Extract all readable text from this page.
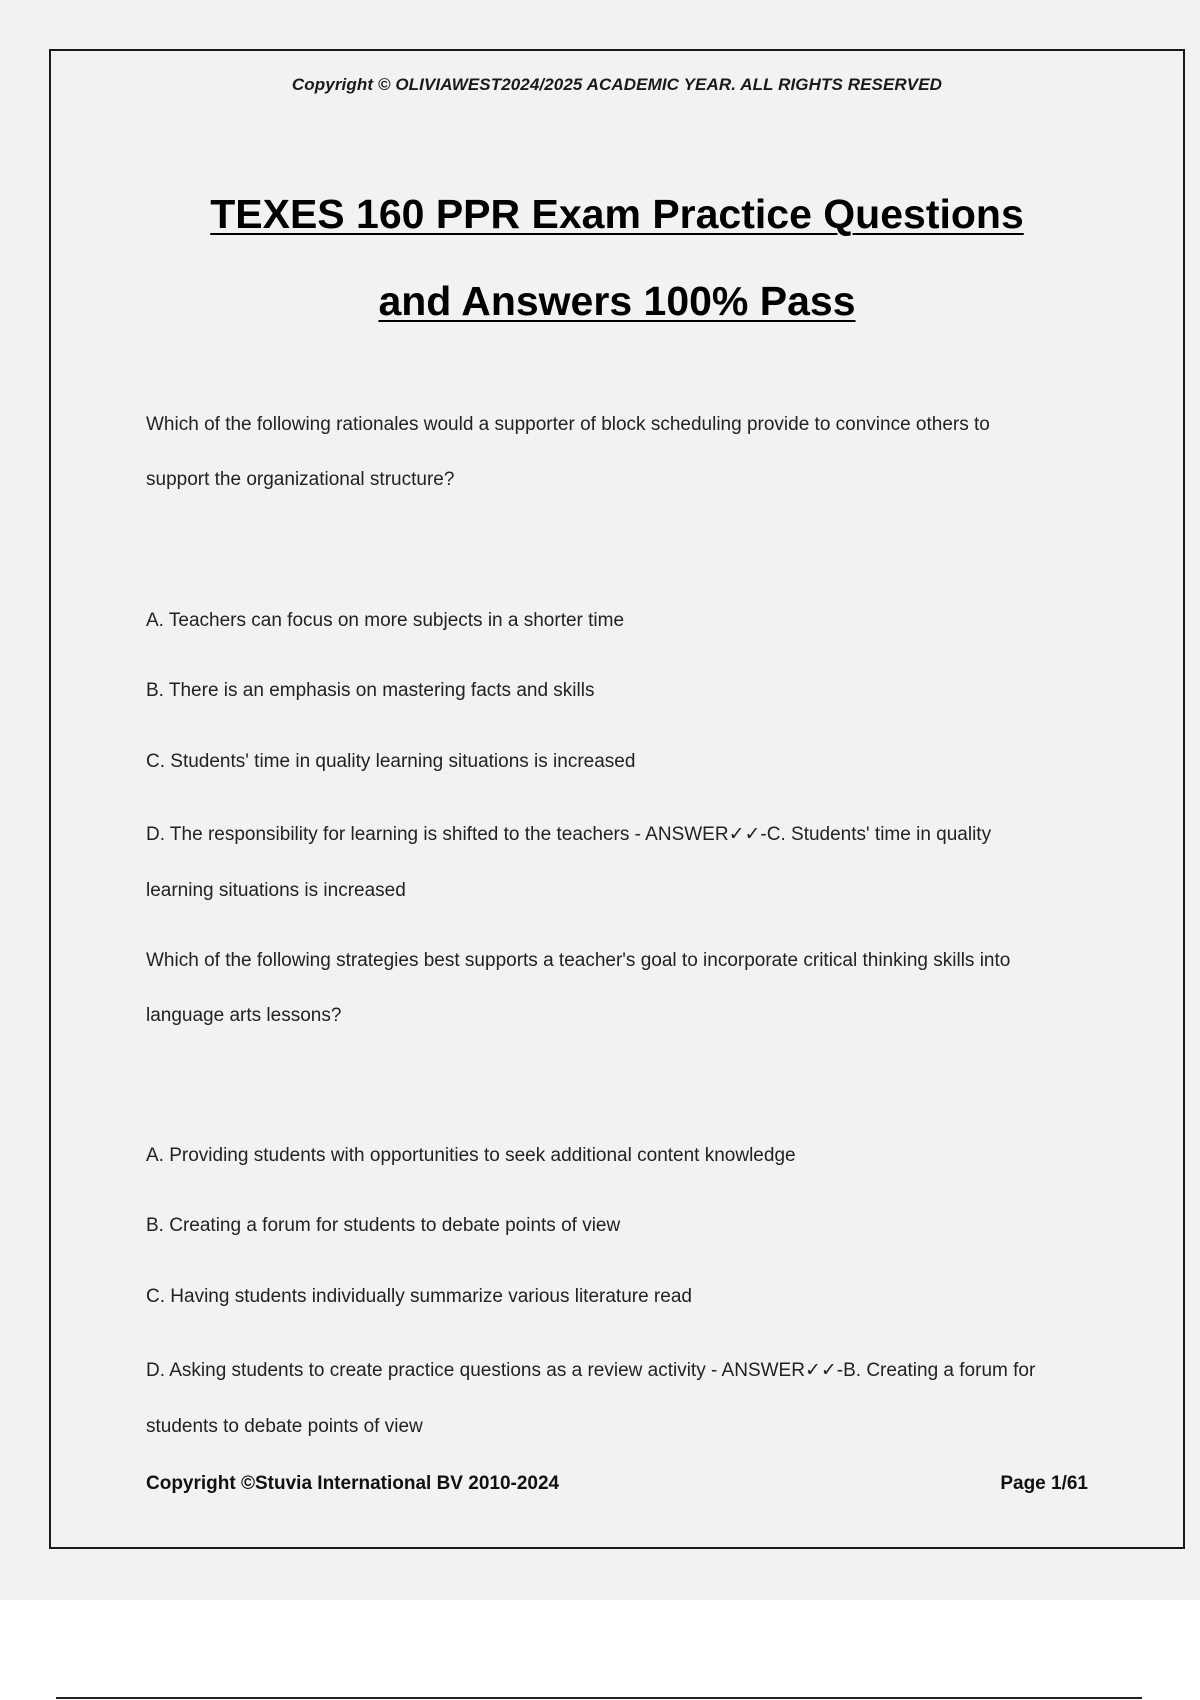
Copyright © OLIVIAWEST2024/2025 ACADEMIC YEAR. ALL RIGHTS RESERVED
TEXES 160 PPR Exam Practice Questions
and Answers 100% Pass
Which of the following rationales would a supporter of block scheduling provide to convince others to
support the organizational structure?
A. Teachers can focus on more subjects in a shorter time
B. There is an emphasis on mastering facts and skills
C. Students' time in quality learning situations is increased
D. The responsibility for learning is shifted to the teachers - ANSWER✓✓-C. Students' time in quality
learning situations is increased
Which of the following strategies best supports a teacher's goal to incorporate critical thinking skills into
language arts lessons?
A. Providing students with opportunities to seek additional content knowledge
B. Creating a forum for students to debate points of view
C. Having students individually summarize various literature read
D. Asking students to create practice questions as a review activity - ANSWER✓✓-B. Creating a forum for
students to debate points of view
Copyright ©Stuvia International BV 2010-2024	Page 1/61
